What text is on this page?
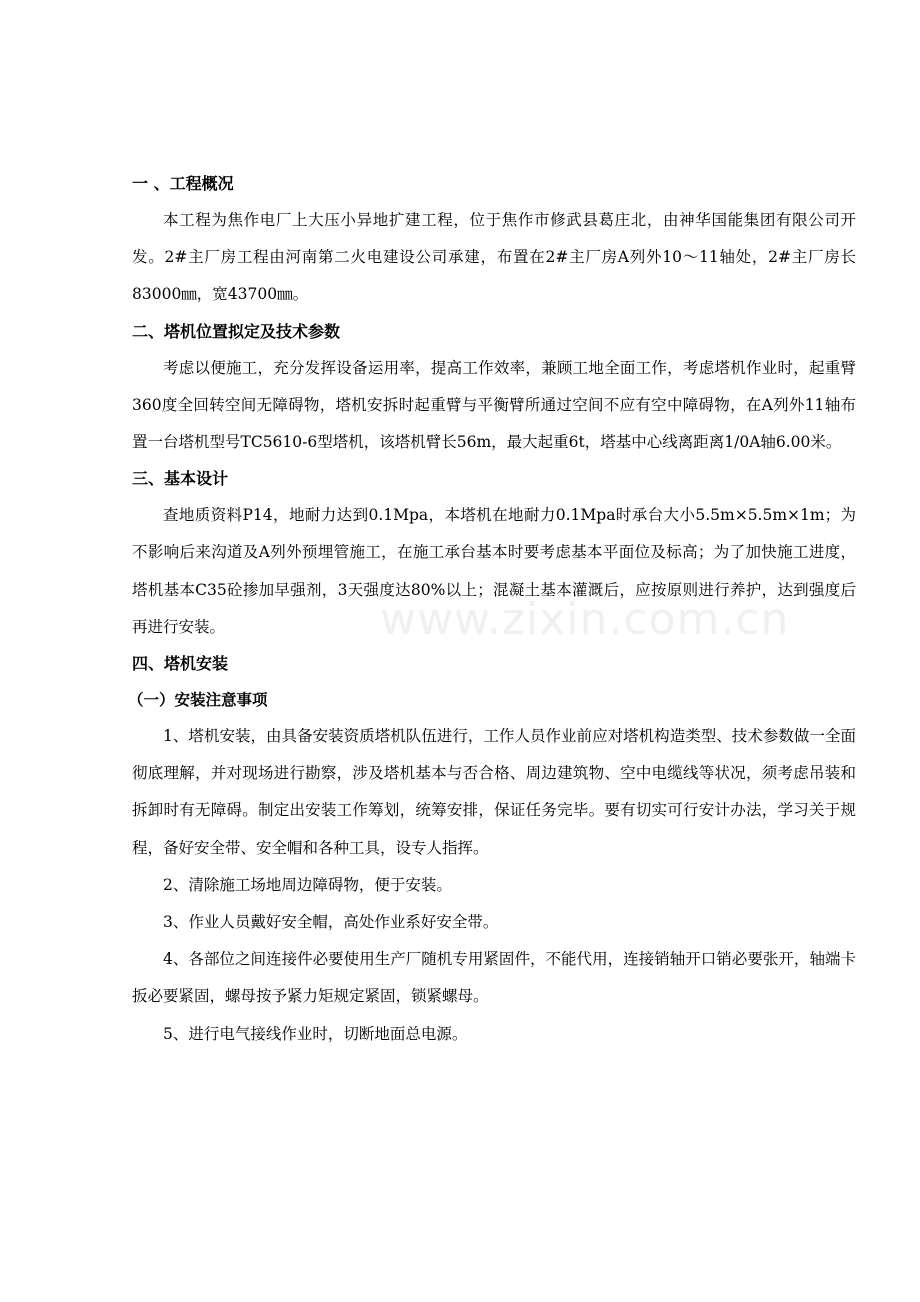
一 、工程概况

本工程为焦作电厂上大压小异地扩建工程，位于焦作市修武县葛庄北，由神华国能集团有限公司开发。2#主厂房工程由河南第二火电建设公司承建，布置在2#主厂房A列外10～11轴处，2#主厂房长83000㎜，宽43700㎜。

二、塔机位置拟定及技术参数

考虑以便施工，充分发挥设备运用率，提高工作效率，兼顾工地全面工作，考虑塔机作业时，起重臂360度全回转空间无障碍物，塔机安拆时起重臂与平衡臂所通过空间不应有空中障碍物，在A列外11轴布置一台塔机型号TC5610-6型塔机，该塔机臂长56m，最大起重6t，塔基中心线离距离1/0A轴6.00米。

三、基本设计

查地质资料P14，地耐力达到0.1Mpa，本塔机在地耐力0.1Mpa时承台大小5.5m×5.5m×1m；为不影响后来沟道及A列外预埋管施工，在施工承台基本时要考虑基本平面位及标高；为了加快施工进度，塔机基本C35砼掺加早强剂，3天强度达80%以上；混凝土基本灌溉后，应按原则进行养护，达到强度后再进行安装。

四、塔机安装
（一）安装注意事项

1、塔机安装，由具备安装资质塔机队伍进行，工作人员作业前应对塔机构造类型、技术参数做一全面彻底理解，并对现场进行勘察，涉及塔机基本与否合格、周边建筑物、空中电缆线等状况，须考虑吊装和拆卸时有无障碍。制定出安装工作筹划，统筹安排，保证任务完毕。要有切实可行安计办法，学习关于规程，备好安全带、安全帽和各种工具，设专人指挥。

2、清除施工场地周边障碍物，便于安装。

3、作业人员戴好安全帽，高处作业系好安全带。

4、各部位之间连接件必要使用生产厂随机专用紧固件，不能代用，连接销轴开口销必要张开，轴端卡扳必要紧固，螺母按予紧力矩规定紧固，锁紧螺母。

5、进行电气接线作业时，切断地面总电源。

www.zixin.com.cn
